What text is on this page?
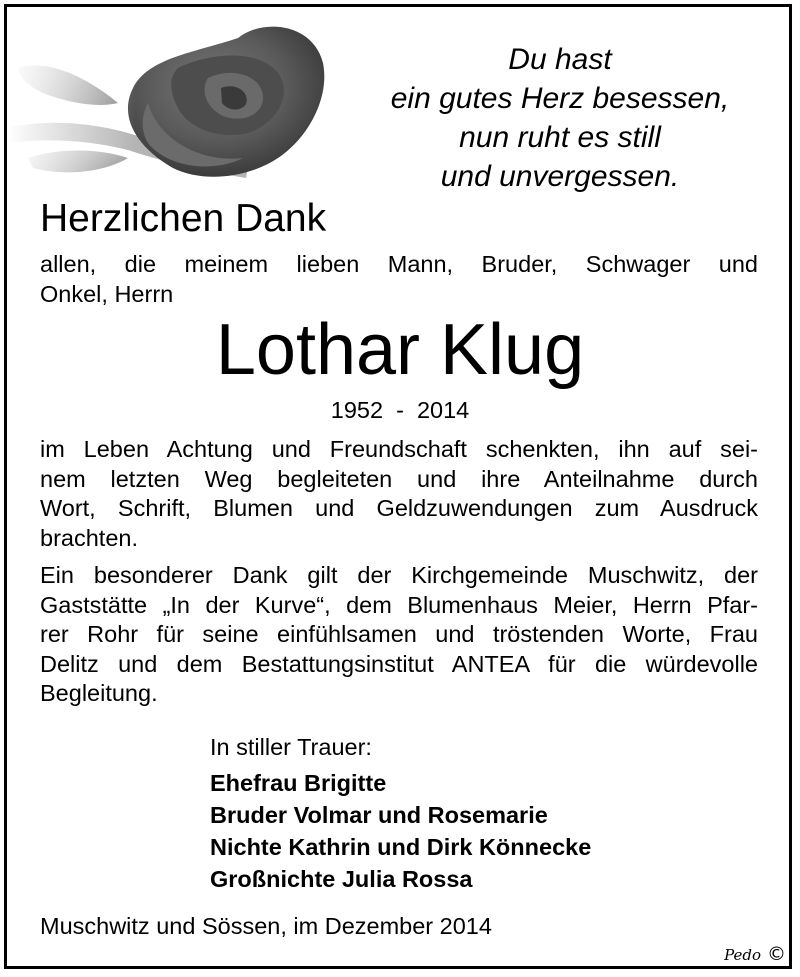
Du hast
ein gutes Herz besessen,
nun ruht es still
und unvergessen.
Herzlichen Dank
allen, die meinem lieben Mann, Bruder, Schwager und
Onkel, Herrn
Lothar Klug
1952  -  2014
im Leben Achtung und Freundschaft schenkten, ihn auf sei-
nem letzten Weg begleiteten und ihre Anteilnahme durch
Wort, Schrift, Blumen und Geldzuwendungen zum Ausdruck
brachten.
Ein besonderer Dank gilt der Kirchgemeinde Muschwitz, der
Gaststätte „In der Kurve“, dem Blumenhaus Meier, Herrn Pfar-
rer Rohr für seine einfühlsamen und tröstenden Worte, Frau
Delitz und dem Bestattungsinstitut ANTEA für die würdevolle
Begleitung.
In stiller Trauer:
Ehefrau Brigitte
Bruder Volmar und Rosemarie
Nichte Kathrin und Dirk Könnecke
Großnichte Julia Rossa
Muschwitz und Sössen, im Dezember 2014
Pedo ©
